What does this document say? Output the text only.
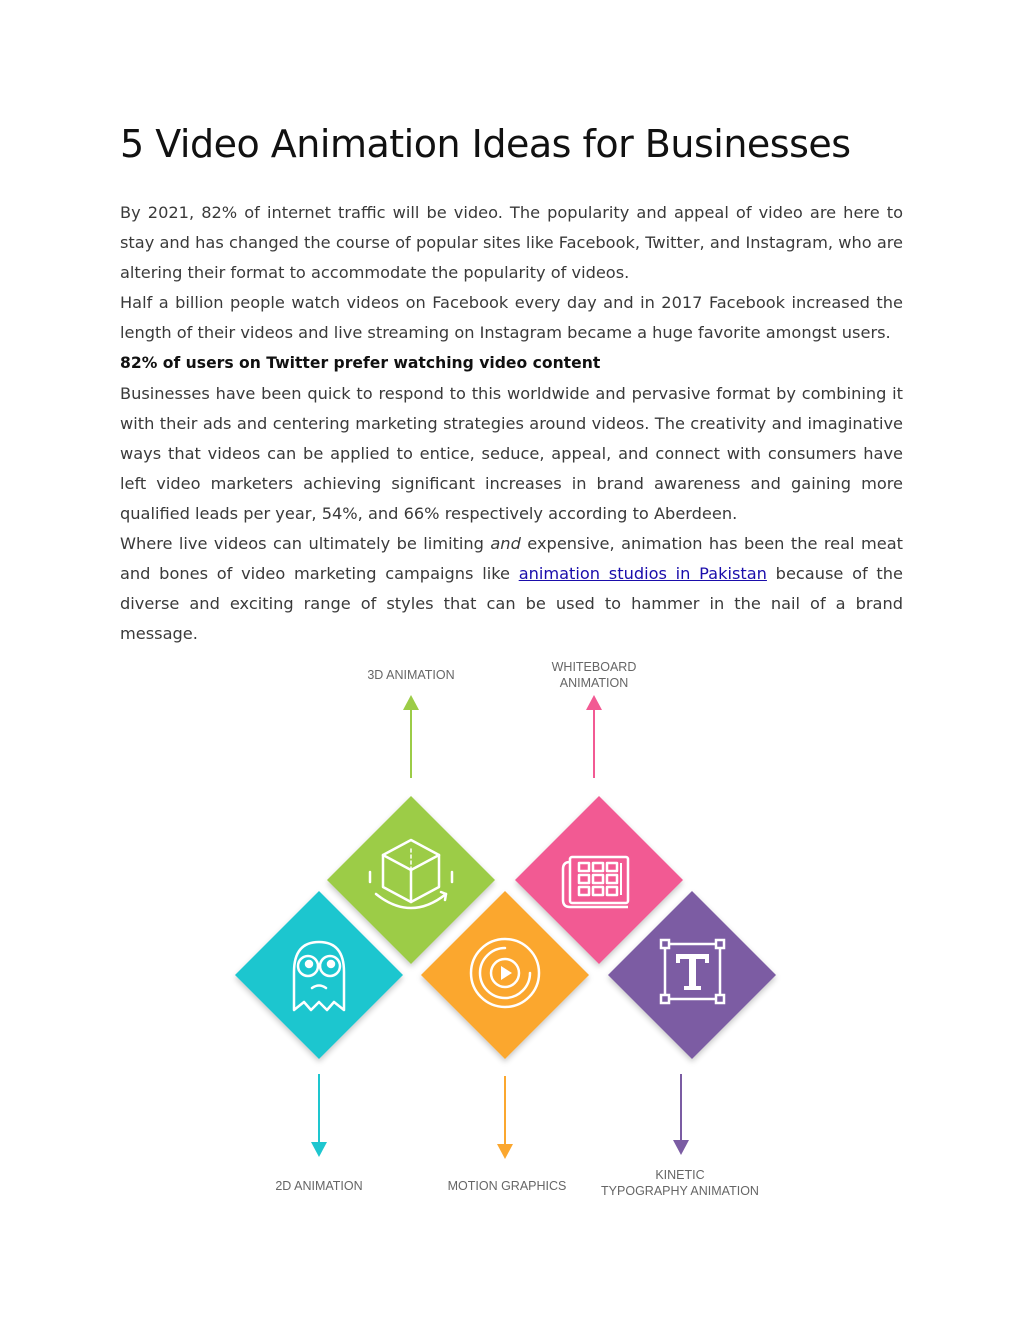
5 Video Animation Ideas for Businesses

By 2021, 82% of internet traffic will be video. The popularity and appeal of video are here to stay and has changed the course of popular sites like Facebook, Twitter, and Instagram, who are altering their format to accommodate the popularity of videos.

Half a billion people watch videos on Facebook every day and in 2017 Facebook increased the length of their videos and live streaming on Instagram became a huge favorite amongst users.

82% of users on Twitter prefer watching video content

Businesses have been quick to respond to this worldwide and pervasive format by combining it with their ads and centering marketing strategies around videos. The creativity and imaginative ways that videos can be applied to entice, seduce, appeal, and connect with consumers have left video marketers achieving significant increases in brand awareness and gaining more qualified leads per year, 54%, and 66% respectively according to Aberdeen.

Where live videos can ultimately be limiting and expensive, animation has been the real meat and bones of video marketing campaigns like animation studios in Pakistan because of the diverse and exciting range of styles that can be used to hammer in the nail of a brand message.

3D ANIMATION
WHITEBOARD
ANIMATION
2D ANIMATION	MOTION GRAPHICS
KINETIC
TYPOGRAPHY ANIMATION
